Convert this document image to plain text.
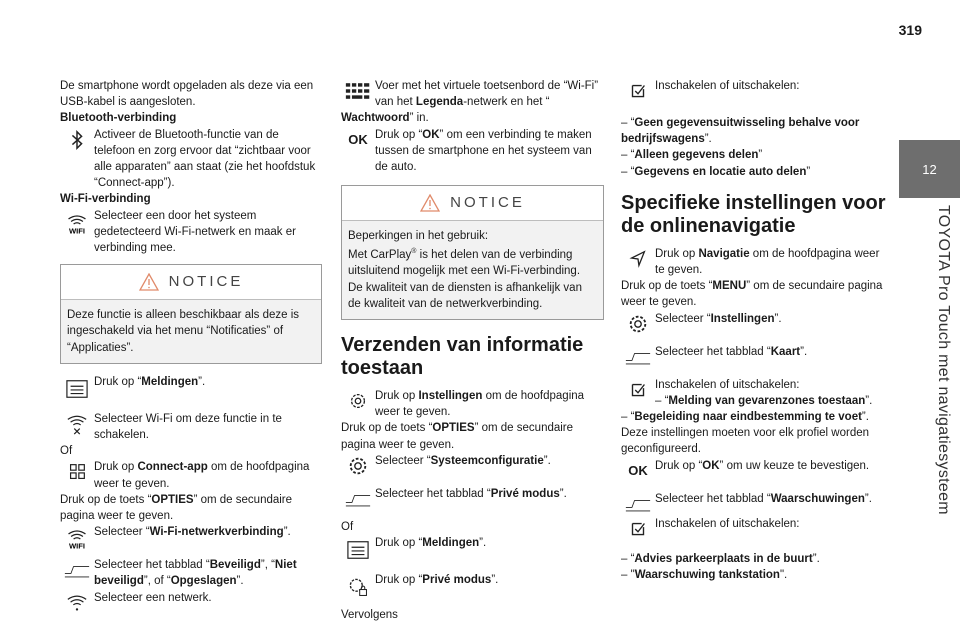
319
12
TOYOTA Pro Touch met navigatiesysteem

De smartphone wordt opgeladen als deze via een USB-kabel is aangesloten.

Bluetooth-verbinding

Activeer de Bluetooth-functie van de telefoon en zorg ervoor dat “zichtbaar voor alle apparaten” aan staat (zie het hoofdstuk “Connect-app”).

Wi-Fi-verbinding

WIFI
Selecteer een door het systeem gedetecteerd Wi-Fi-netwerk en maak er verbinding mee.
NOTICE
Deze functie is alleen beschikbaar als deze is ingeschakeld via het menu “Notificaties” of “Applicaties”.
Druk op “Meldingen”.
Selecteer Wi-Fi om deze functie in te schakelen.

Of

Druk op Connect-app om de hoofdpagina weer te geven.

Druk op de toets “OPTIES” om de secundaire pagina weer te geven.

WIFI
Selecteer “Wi-Fi-netwerkverbinding”.
Selecteer het tabblad “Beveiligd”, “Niet beveiligd”, of “Opgeslagen”.
Selecteer een netwerk.
Voer met het virtuele toetsenbord de “Wi-Fi” van het Legenda-netwerk en het “

Wachtwoord” in.

OK Druk op “OK” om een verbinding te maken tussen de smartphone en het systeem van de auto.
NOTICE
Beperkingen in het gebruik:
Met CarPlay® is het delen van de verbinding uitsluitend mogelijk met een Wi-Fi-verbinding.
De kwaliteit van de diensten is afhankelijk van de kwaliteit van de netwerkverbinding.
Verzenden van informatie toestaan
Druk op Instellingen om de hoofdpagina weer te geven.

Druk op de toets “OPTIES” om de secundaire pagina weer te geven.

Selecteer “Systeemconfiguratie”.
Selecteer het tabblad “Privé modus”.

Of

Druk op “Meldingen”.
Druk op “Privé modus”.

Vervolgens

Inschakelen of uitschakelen:

– “Geen gegevensuitwisseling behalve voor bedrijfswagens”.

– “Alleen gegevens delen”

– “Gegevens en locatie auto delen”

Specifieke instellingen voor de onlinenavigatie
Druk op Navigatie om de hoofdpagina weer te geven.

Druk op de toets “MENU” om de secundaire pagina weer te geven.

Selecteer “Instellingen”.
Selecteer het tabblad “Kaart”.
Inschakelen of uitschakelen:
– “Melding van gevarenzones toestaan”.

– “Begeleiding naar eindbestemming te voet”.

Deze instellingen moeten voor elk profiel worden geconfigureerd.

OK Druk op “OK” om uw keuze te bevestigen.
Selecteer het tabblad “Waarschuwingen”.
Inschakelen of uitschakelen:

– “Advies parkeerplaats in de buurt”.

– "Waarschuwing tankstation".
